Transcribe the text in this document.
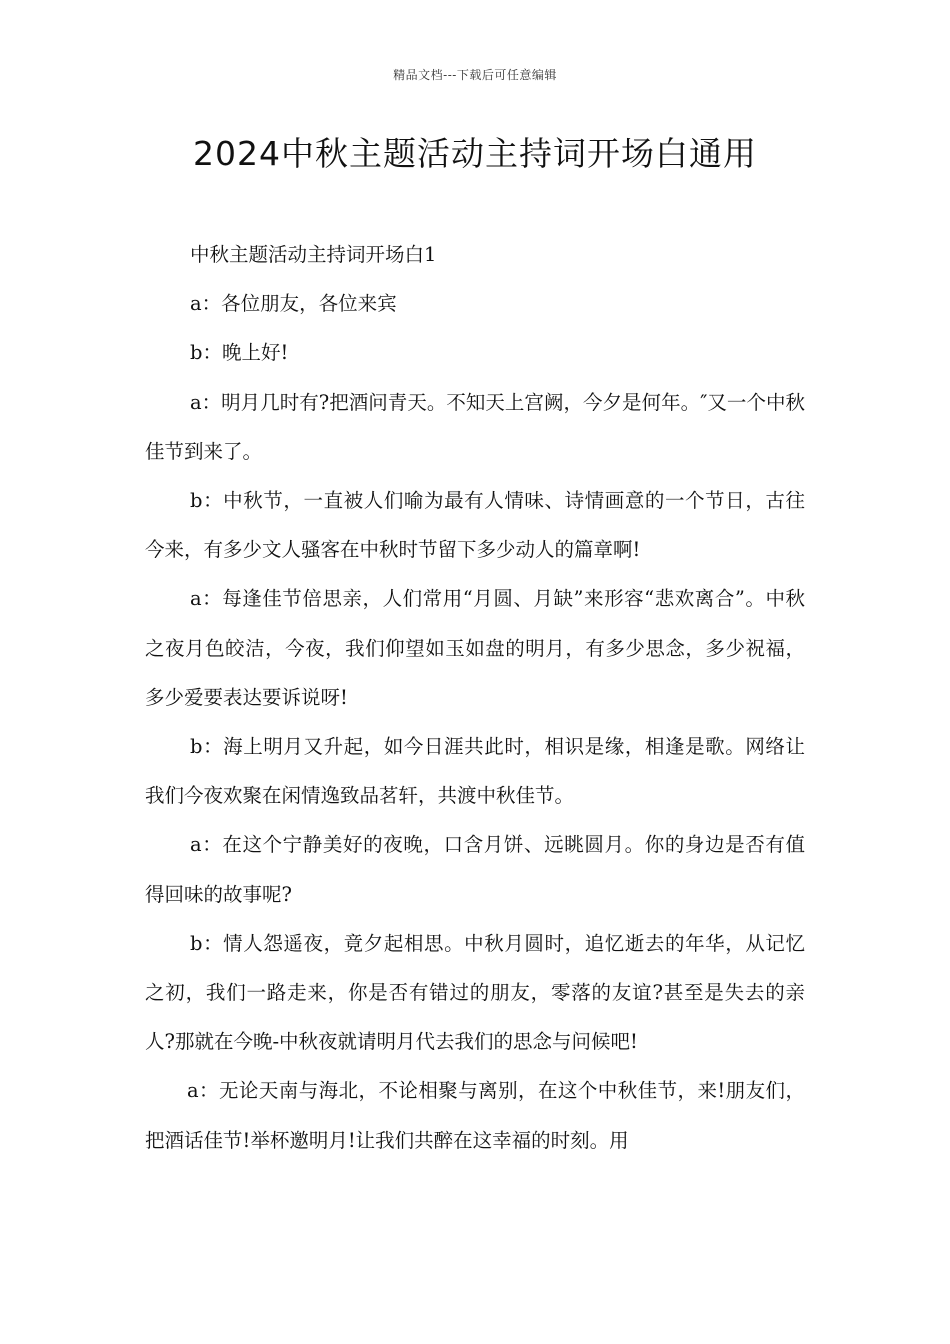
精品文档---下载后可任意编辑
2024中秋主题活动主持词开场白通用

中秋主题活动主持词开场白1

a：各位朋友，各位来宾

b：晚上好!

a：明月几时有?把酒问青天。不知天上宫阙，今夕是何年。″又一个中秋佳节到来了。

b：中秋节，一直被人们喻为最有人情味、诗情画意的一个节日，古往今来，有多少文人骚客在中秋时节留下多少动人的篇章啊!

a：每逢佳节倍思亲，人们常用“月圆、月缺”来形容“悲欢离合”。中秋之夜月色皎洁，今夜，我们仰望如玉如盘的明月，有多少思念，多少祝福，多少爱要表达要诉说呀!

b：海上明月又升起，如今日涯共此时，相识是缘，相逢是歌。网络让我们今夜欢聚在闲情逸致品茗轩，共渡中秋佳节。

a：在这个宁静美好的夜晚，口含月饼、远眺圆月。你的身边是否有值得回味的故事呢?

b：情人怨遥夜，竟夕起相思。中秋月圆时，追忆逝去的年华，从记忆之初，我们一路走来，你是否有错过的朋友，零落的友谊?甚至是失去的亲人?那就在今晚-中秋夜就请明月代去我们的思念与问候吧!

a：无论天南与海北，不论相聚与离别，在这个中秋佳节，来!朋友们，把酒话佳节!举杯邀明月!让我们共醉在这幸福的时刻。用
